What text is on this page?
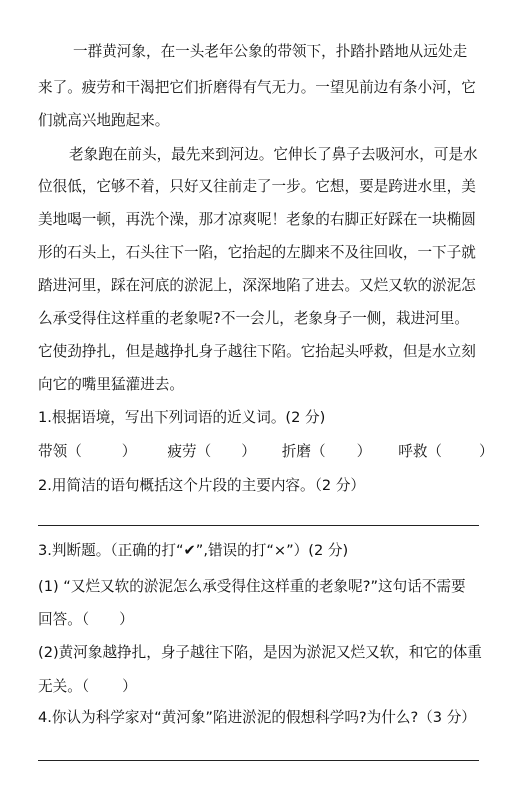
一群黄河象，在一头老年公象的带领下，扑踏扑踏地从远处走
来了。疲劳和干渴把它们折磨得有气无力。一望见前边有条小河，它
们就高兴地跑起来。
老象跑在前头，最先来到河边。它伸长了鼻子去吸河水，可是水
位很低，它够不着，只好又往前走了一步。它想，要是跨进水里，美
美地喝一顿，再洗个澡，那才凉爽呢！老象的右脚正好踩在一块椭圆
形的石头上，石头往下一陷，它抬起的左脚来不及往回收，一下子就
踏进河里，踩在河底的淤泥上，深深地陷了进去。又烂又软的淤泥怎
么承受得住这样重的老象呢?不一会儿，老象身子一侧，栽进河里。
它使劲挣扎，但是越挣扎身子越往下陷。它抬起头呼救，但是水立刻
向它的嘴里猛灌进去。
1.根据语境，写出下列词语的近义词。(2 分)
带领（	） 疲劳（ ） 折磨（ ） 呼救（	）
2.用简洁的语句概括这个片段的主要内容。（2 分）
3.判断题。（正确的打“✔”,错误的打“×”）(2 分)
(1) “又烂又软的淤泥怎么承受得住这样重的老象呢?”这句话不需要
回答。（ ）
(2)黄河象越挣扎，身子越往下陷，是因为淤泥又烂又软，和它的体重
无关。（ ）
4.你认为科学家对“黄河象”陷进淤泥的假想科学吗?为什么?（3 分）
